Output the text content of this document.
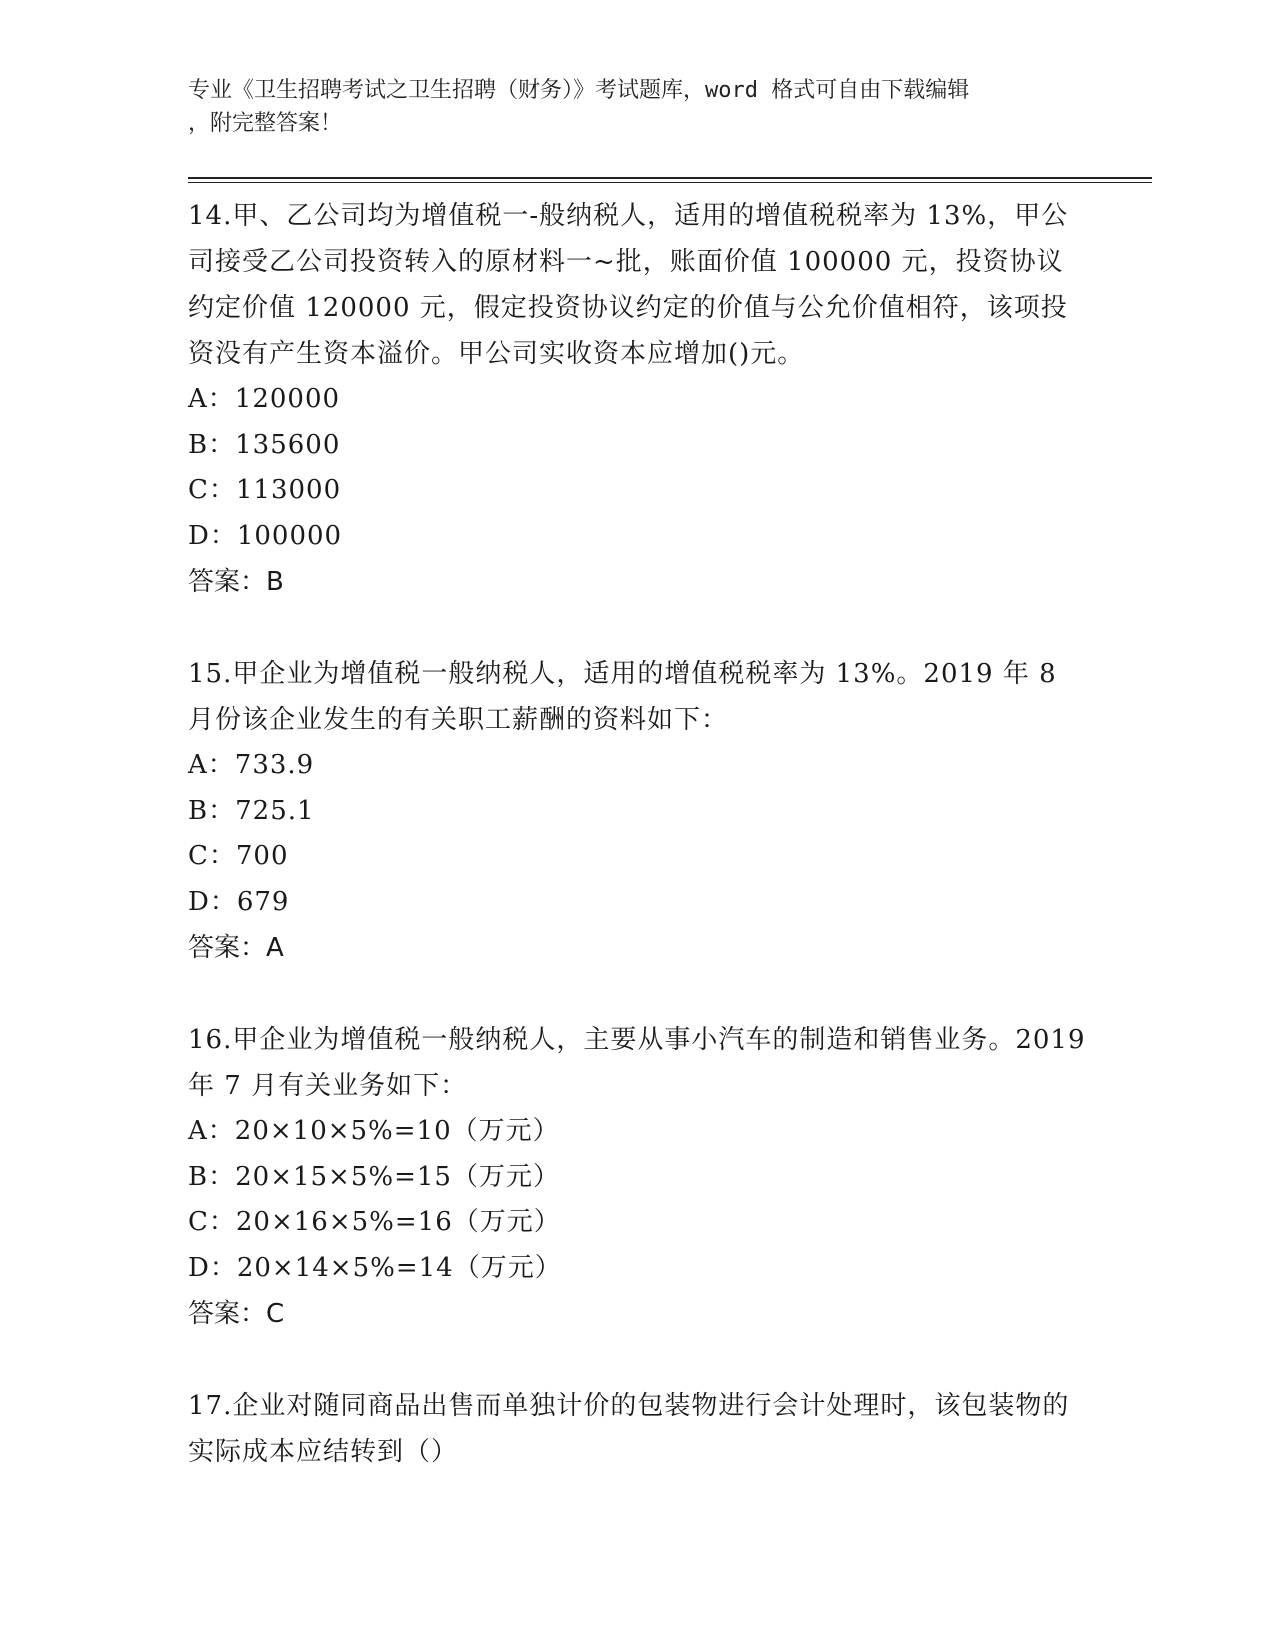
专业《卫生招聘考试之卫生招聘（财务）》考试题库，word 格式可自由下载编辑

，附完整答案！

14.甲、乙公司均为增值税一-般纳税人，适用的增值税税率为 13%，甲公司接受乙公司投资转入的原材料一~批，账面价值 100000 元，投资协议约定价值 120000 元，假定投资协议约定的价值与公允价值相符，该项投资没有产生资本溢价。甲公司实收资本应增加()元。

A：120000

B：135600

C：113000

D：100000

答案：B

15.甲企业为增值税一般纳税人，适用的增值税税率为 13%。2019 年 8 月份该企业发生的有关职工薪酬的资料如下：

A：733.9

B：725.1

C：700

D：679

答案：A

16.甲企业为增值税一般纳税人，主要从事小汽车的制造和销售业务。2019 年 7 月有关业务如下：

A：20×10×5%=10（万元）

B：20×15×5%=15（万元）

C：20×16×5%=16（万元）

D：20×14×5%=14（万元）

答案：C

17.企业对随同商品出售而单独计价的包装物进行会计处理时，该包装物的实际成本应结转到（）
